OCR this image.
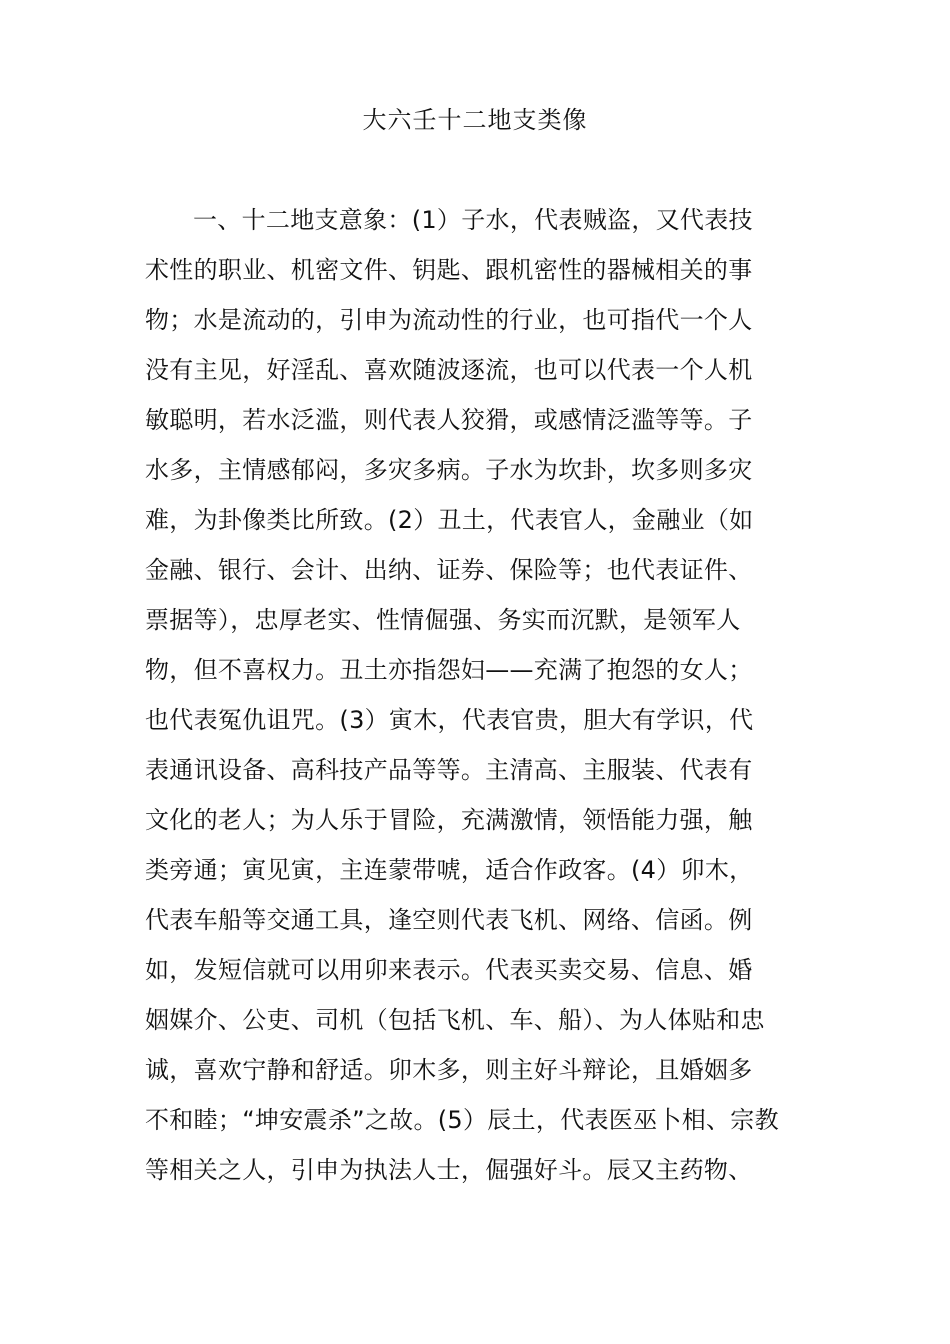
大六壬十二地支类像
一、十二地支意象：(1）子水，代表贼盗，又代表技
术性的职业、机密文件、钥匙、跟机密性的器械相关的事
物；水是流动的，引申为流动性的行业，也可指代一个人
没有主见，好淫乱、喜欢随波逐流，也可以代表一个人机
敏聪明，若水泛滥，则代表人狡猾，或感情泛滥等等。子
水多，主情感郁闷，多灾多病。子水为坎卦，坎多则多灾
难，为卦像类比所致。(2）丑土，代表官人，金融业（如
金融、银行、会计、出纳、证券、保险等；也代表证件、
票据等），忠厚老实、性情倔强、务实而沉默，是领军人
物，但不喜权力。丑土亦指怨妇——充满了抱怨的女人；
也代表冤仇诅咒。(3）寅木，代表官贵，胆大有学识，代
表通讯设备、高科技产品等等。主清高、主服装、代表有
文化的老人；为人乐于冒险，充满激情，领悟能力强，触
类旁通；寅见寅，主连蒙带唬，适合作政客。(4）卯木，
代表车船等交通工具，逢空则代表飞机、网络、信函。例
如，发短信就可以用卯来表示。代表买卖交易、信息、婚
姻媒介、公吏、司机（包括飞机、车、船）、为人体贴和忠
诚，喜欢宁静和舒适。卯木多，则主好斗辩论，且婚姻多
不和睦；“坤安震杀”之故。(5）辰土，代表医巫卜相、宗教
等相关之人，引申为执法人士，倔强好斗。辰又主药物、
